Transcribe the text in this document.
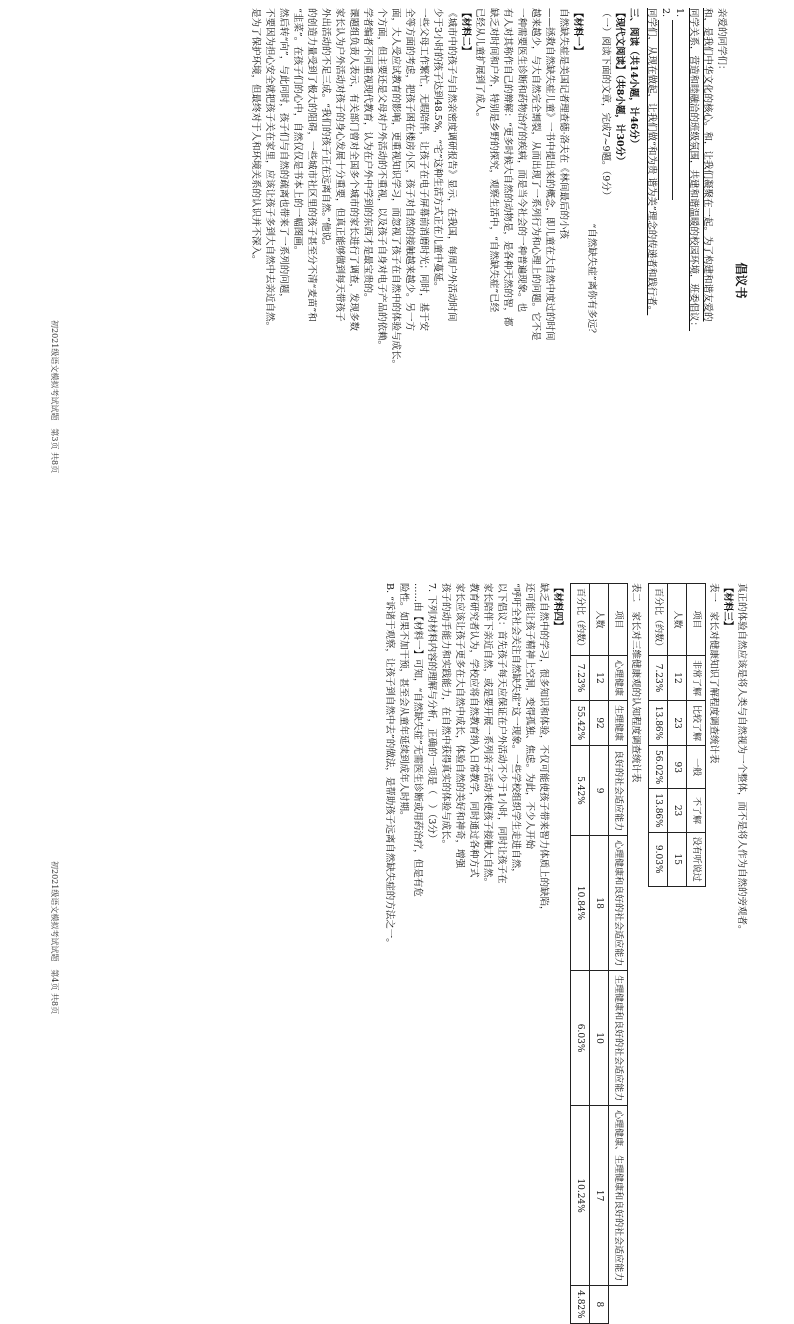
倡议书

亲爱的同学们：

和，是我们中华文化的核心。和，让我们凝聚在一起。为了构建和谐友爱的

同学关系，营造和睦融洽的班级氛围，共建和谐温暖的校园环境，班委倡议：

1.

2.

同学们，从现在做起，让我们做“和为贵 谐为美”理念的传递者和践行者。

三、阅读（共14小题，计46分）

【现代文阅读】（共8小题，计30分）

（一）阅读下面的文章，完成7~9题。（9分）

“自然缺失症”离你有多远？

【材料一】

自然缺失症是美国记者理查德·洛夫在《林间最后的小孩

——拯救自然缺失症儿童》一书中提出来的概念，即儿童在大自然中度过的时间

越来越少，与大自然完全割裂，从而出现了一系列行为和心理上的问题。它不是

一种需要医生诊断和药物治疗的疾病，而是当今社会的一种普遍现象。也

有人对其称作自己的辩解：“更多时候大自然的动物是，是各种天然的智，都

缺乏对时间和户外，特别是乡野的探究，观察生活中，“自然缺失症”已经

已经从儿童扩展到了成人。

【材料二】

《城市中的孩子与自然亲密度调研报告》显示，在我国，每周户外活动时间

少于3小时的孩子达到48.5%，“宅”这种生活方式正在儿童中蔓延。

一些父母工作繁忙，无暇陪伴，让孩子在电子屏幕前消磨时光；同时，基于安

全等方面的考虑，把孩子困在楼房小区，孩子对自然的接触越来越少。另一方

面，大人受应试教育的影响，更重视知识学习，而忽视了孩子在自然中的体验与成长。

个方面，但主要还是父母对户外活动的不重视，以及孩子自身对电子产品的依赖。

学者编者不同重视现代教育，认为在户外中学到的东西才是最宝贵的。

课题组负责人表示，有关部门曾对全国多个城市的家长进行了调查，发现多数

家长认为户外活动对孩子的身心发展十分重要，但真正能够做到每天带孩子

外出活动的不足三成。“我们的孩子正在远离自然。”他说。

的创造力量受到了极大的阻碍，一些城市社区里的孩子甚至分不清“麦苗”和

“韭菜”。在孩子们的心中，自然仅仅是书本上的一幅图画。

然后转“向”，与此同时，孩子们与自然的疏离也带来了一系列的问题，

不要因为担心安全就把孩子关在家里，应该让孩子多到大自然中去亲近自然。

是为了保护环境，但最终对于人和环境关系的认识并不深入。

初2021级语文模拟考试试题　第3页 共8页

真正的体验自然应该是将人类与自然视为一个整体，而不是将人作为自然的旁观者。

【材料三】

表一　家长对健康知识了解程度调查统计表

项目	非常了解	比较了解	一般	不了解	没有听说过
人数	12	23	93	23	15
百分比（约数）	7.23%	13.86%	56.02%	13.86%	9.03%

表二　家长对三维健康观的认知程度调查统计表

项目	心理健康	生理健康	良好的社会适应能力	心理健康和良好的社会适应能力	生理健康和良好的社会适应能力	心理健康、生理健康和良好的社会适应能力	
人数	12	92	9	18	10	17	8
百分比（约数）	7.23%	55.42%	5.42%	10.84%	6.03%	10.24%	4.82%

【材料四】

缺乏自然中的学习，很多知识和体验，不仅可能使孩子带来智力体质上的缺陷，

还可能让孩子精神上空洞，变得孤独、焦虑。为此，不少人开始

“呼吁全社会关注自然缺失症”这一现象。一些学校组织学生走进自然，

以下倡议：首先孩子每天应保证在户外活动不少于1小时，同时让孩子在

家长陪伴下亲近自然，或是要开展一系列亲子活动来使孩子接触大自然。

教育研究者认为，学校应将自然教育纳入日常教学，同时通过各种方式

家长应该让孩子更多在大自然中成长，体验自然的美好和神奇，增强

孩子的动手能力和实践能力，在自然中获得真实的体验与成长。

7. 下列对材料内容的理解与分析，正确的一项是（　）（3分）

……由【材料一】可知，“自然缺失症”无需医生诊断或用药治疗，但是有危

险性。如果不加干预，甚至会从童年延续到成年人时期。

B. “诉诸于观察，让孩子到自然中去”的做法，是帮助孩子远离自然缺失症的方法之一。

初2021级语文模拟考试试题　第4页 共8页
